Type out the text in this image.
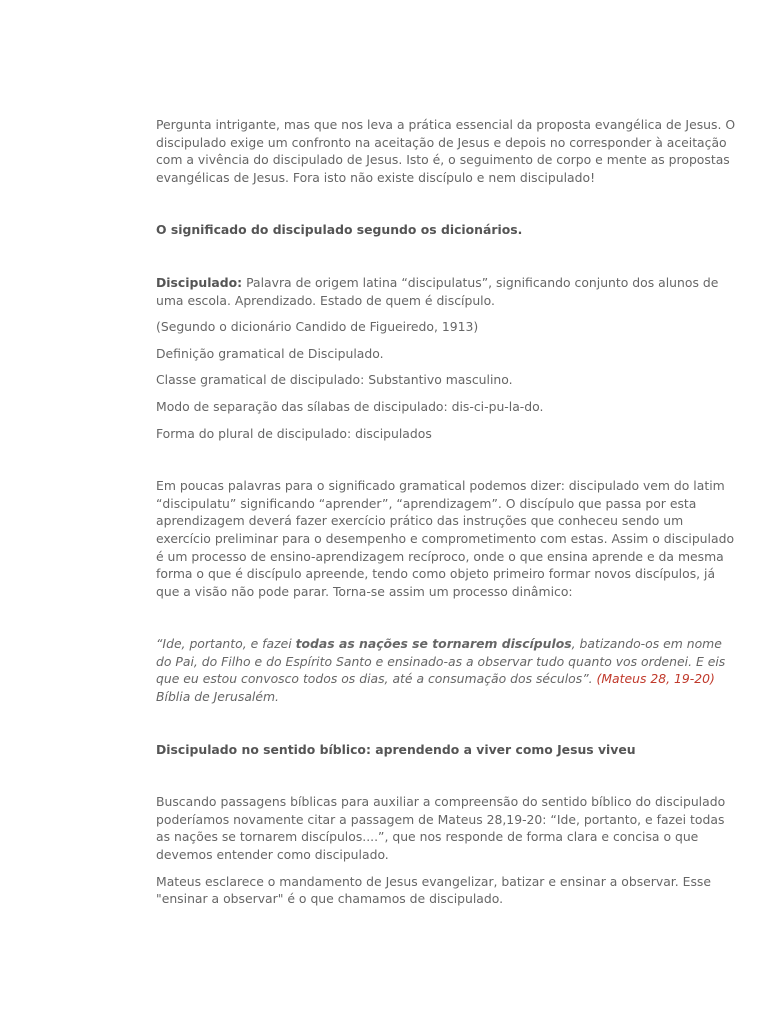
Pergunta intrigante, mas que nos leva a prática essencial da proposta evangélica de Jesus. O discipulado exige um confronto na aceitação de Jesus e depois no corresponder à aceitação com a vivência do discipulado de Jesus. Isto é, o seguimento de corpo e mente as propostas evangélicas de Jesus. Fora isto não existe discípulo e nem discipulado!

O significado do discipulado segundo os dicionários.

Discipulado: Palavra de origem latina “discipulatus”, significando conjunto dos alunos de uma escola. Aprendizado. Estado de quem é discípulo.

(Segundo o dicionário Candido de Figueiredo, 1913)

Definição gramatical de Discipulado.

Classe gramatical de discipulado: Substantivo masculino.

Modo de separação das sílabas de discipulado: dis-ci-pu-la-do.

Forma do plural de discipulado: discipulados

Em poucas palavras para o significado gramatical podemos dizer: discipulado vem do latim “discipulatu” significando “aprender”, “aprendizagem”. O discípulo que passa por esta aprendizagem deverá fazer exercício prático das instruções que conheceu sendo um exercício preliminar para o desempenho e comprometimento com estas. Assim o discipulado é um processo de ensino-aprendizagem recíproco, onde o que ensina aprende e da mesma forma o que é discípulo apreende, tendo como objeto primeiro formar novos discípulos, já que a visão não pode parar. Torna-se assim um processo dinâmico:

“Ide, portanto, e fazei todas as nações se tornarem discípulos, batizando-os em nome do Pai, do Filho e do Espírito Santo e ensinado-as a observar tudo quanto vos ordenei. E eis que eu estou convosco todos os dias, até a consumação dos séculos”. (Mateus 28, 19-20) Bíblia de Jerusalém.

Discipulado no sentido bíblico: aprendendo a viver como Jesus viveu

Buscando passagens bíblicas para auxiliar a compreensão do sentido bíblico do discipulado poderíamos novamente citar a passagem de Mateus 28,19-20: “Ide, portanto, e fazei todas as nações se tornarem discípulos....”, que nos responde de forma clara e concisa o que devemos entender como discipulado.

Mateus esclarece o mandamento de Jesus evangelizar, batizar e ensinar a observar. Esse "ensinar a observar" é o que chamamos de discipulado.
